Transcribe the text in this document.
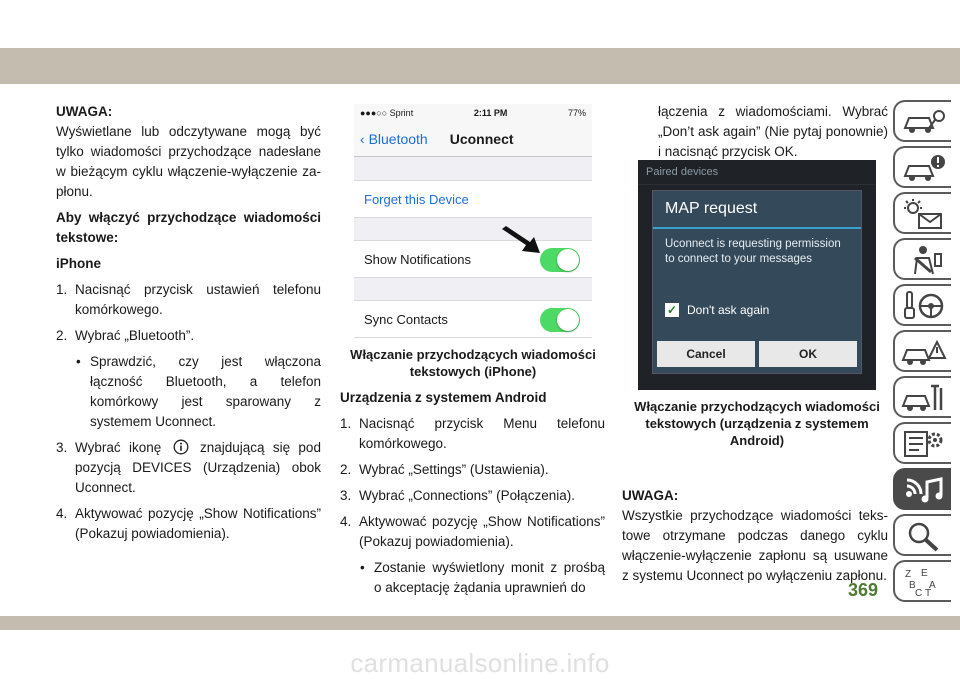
UWAGA:

Wyświetlane lub odczytywane mogą być tylko wiadomości przychodzące nadesłane w bieżącym cyklu włączenie-wyłączenie za-płonu.

Aby włączyć przychodzące wiadomości tekstowe:

iPhone

1. Nacisnąć przycisk ustawień telefonu komórkowego.
2. Wybrać „Bluetooth”.
• Sprawdzić, czy jest włączona łączność Bluetooth, a telefon komórkowy jest sparowany z systemem Uconnect.
3. Wybrać ikonę	znajdującą się pod pozycją DEVICES (Urządzenia) obok Uconnect.
4. Aktywować pozycję „Show Notifications” (Pokazuj powiadomienia).
●●●○○ Sprint	2:11 PM	77%
‹ Bluetooth Uconnect
Forget this Device
Show Notifications
Sync Contacts
Włączanie przychodzących wiadomości tekstowych (iPhone)

Urządzenia z systemem Android

1. Nacisnąć przycisk Menu telefonu komórkowego.
2. Wybrać „Settings” (Ustawienia).
3. Wybrać „Connections” (Połączenia).
4. Aktywować pozycję „Show Notifications” (Pokazuj powiadomienia).
• Zostanie wyświetlony monit z prośbą o akceptację żądania uprawnień do

łączenia z wiadomościami. Wybrać „Don’t ask again” (Nie pytaj ponownie) i nacisnąć przycisk OK.

Paired devices
MAP request
Uconnect is requesting permission to connect to your messages
✓ Don't ask again
Cancel	OK
Włączanie przychodzących wiadomości tekstowych (urządzenia z systemem Android)

UWAGA:

Wszystkie przychodzące wiadomości teks-towe otrzymane podczas danego cyklu włączenie-wyłączenie zapłonu są usuwane z systemu Uconnect po wyłączeniu zapłonu. Z E
B A
C T
369
carmanualsonline.info
